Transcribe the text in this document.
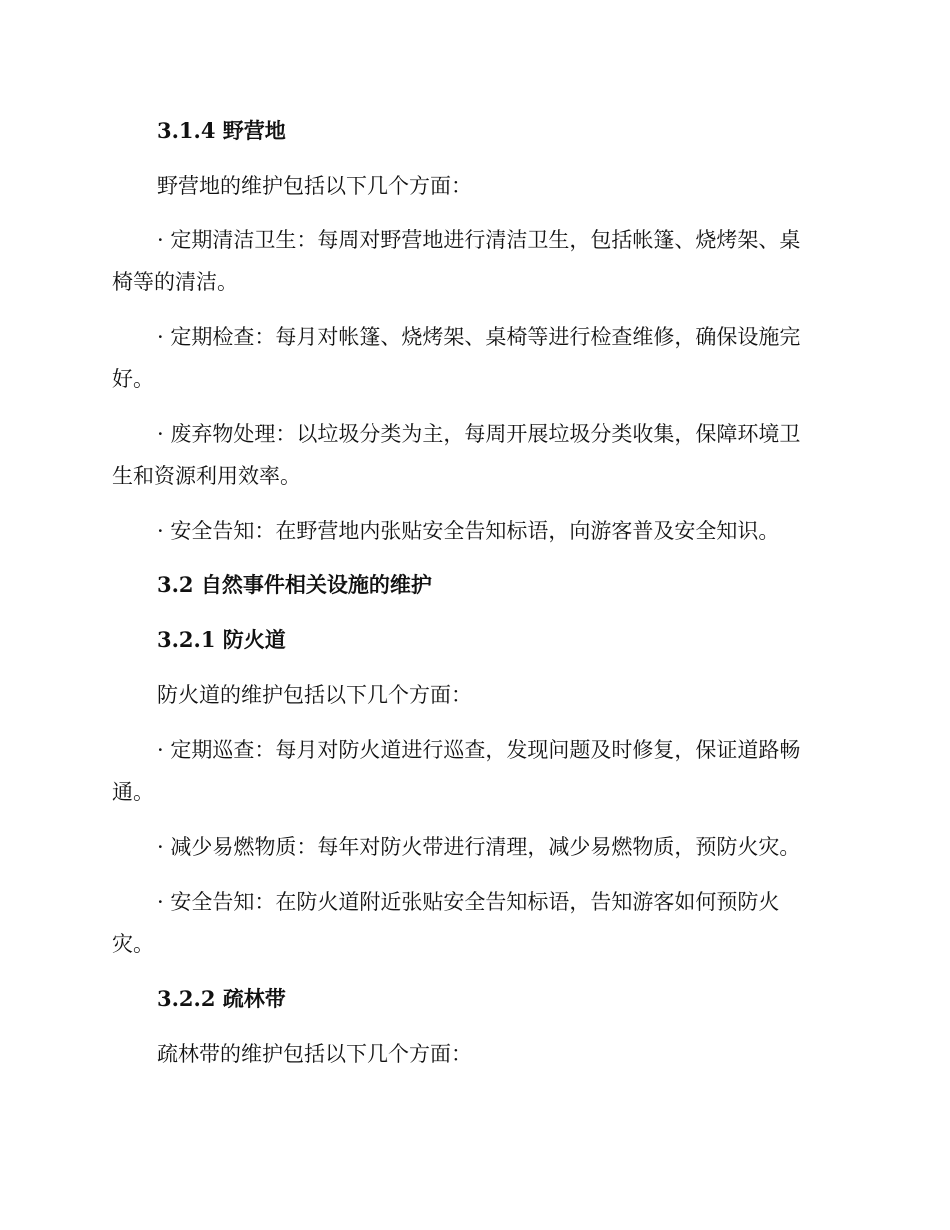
3.1.4 野营地
野营地的维护包括以下几个方面：
· 定期清洁卫生：每周对野营地进行清洁卫生，包括帐篷、烧烤架、桌
椅等的清洁。
· 定期检查：每月对帐篷、烧烤架、桌椅等进行检查维修，确保设施完
好。
· 废弃物处理：以垃圾分类为主，每周开展垃圾分类收集，保障环境卫
生和资源利用效率。
· 安全告知：在野营地内张贴安全告知标语，向游客普及安全知识。
3.2 自然事件相关设施的维护
3.2.1 防火道
防火道的维护包括以下几个方面：
· 定期巡查：每月对防火道进行巡查，发现问题及时修复，保证道路畅
通。
· 减少易燃物质：每年对防火带进行清理，减少易燃物质，预防火灾。
· 安全告知：在防火道附近张贴安全告知标语，告知游客如何预防火
灾。
3.2.2 疏林带
疏林带的维护包括以下几个方面：
